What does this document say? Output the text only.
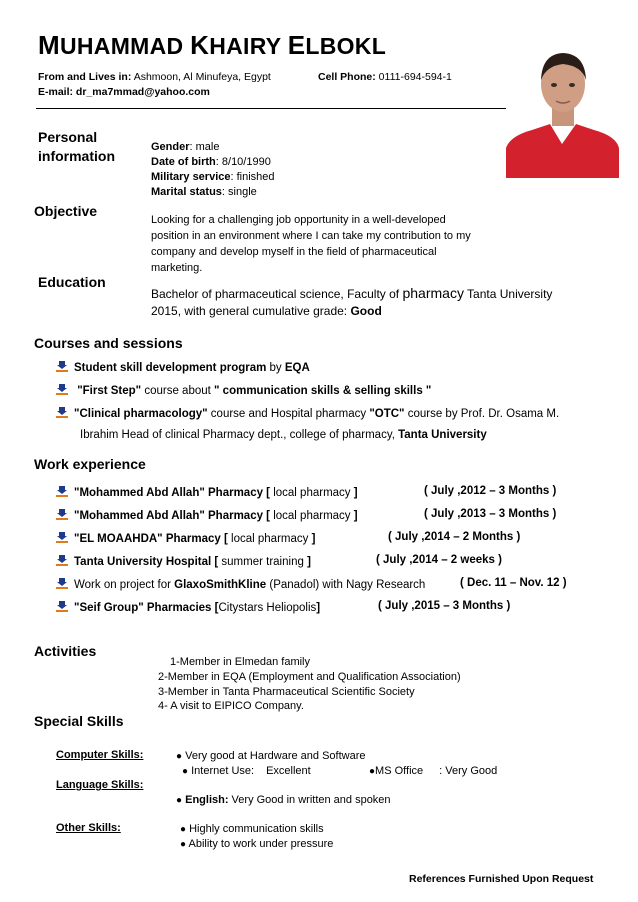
MUHAMMAD KHAIRY ELBOKL
From and Lives in: Ashmoon, Al Minufeya, Egypt	Cell Phone: 0111-694-594-1
E-mail: dr_ma7mmad@yahoo.com
Personal
information
Gender: male
Date of birth: 8/10/1990
Military service: finished
Marital status: single
Objective
Looking for a challenging job opportunity in a well-developed
position in an environment where I can take my contribution to my
company and develop myself in the field of pharmaceutical
marketing.
Education
Bachelor of pharmaceutical science, Faculty of pharmacy Tanta University
2015, with general cumulative grade: Good
Courses and sessions
Student skill development program by EQA
"First Step" course about " communication skills & selling skills "
"Clinical pharmacology" course and Hospital pharmacy "OTC" course by Prof. Dr. Osama M.
Ibrahim Head of clinical Pharmacy dept., college of pharmacy, Tanta University
Work experience
"Mohammed Abd Allah" Pharmacy [ local pharmacy ]	( July ,2012 – 3 Months )
"Mohammed Abd Allah" Pharmacy [ local pharmacy ]	( July ,2013 – 3 Months )
"EL MOAAHDA" Pharmacy [ local pharmacy ]	( July ,2014 – 2 Months )
Tanta University Hospital [ summer training ]	( July ,2014 – 2 weeks )
Work on project for GlaxoSmithKline (Panadol) with Nagy Research	( Dec. 11 – Nov. 12 )
"Seif Group" Pharmacies [Citystars Heliopolis]	( July ,2015 – 3 Months )
Activities
1-Member in Elmedan family
2-Member in EQA (Employment and Qualification Association)
3-Member in Tanta Pharmaceutical Scientific Society
4- A visit to EIPICO Company.
Special Skills
Computer Skills:	● Very good at Hardware and Software
● Internet Use: Excellent	●MS Office : Very Good
Language Skills:
● English: Very Good in written and spoken
Other Skills:	● Highly communication skills
● Ability to work under pressure
References Furnished Upon Request
